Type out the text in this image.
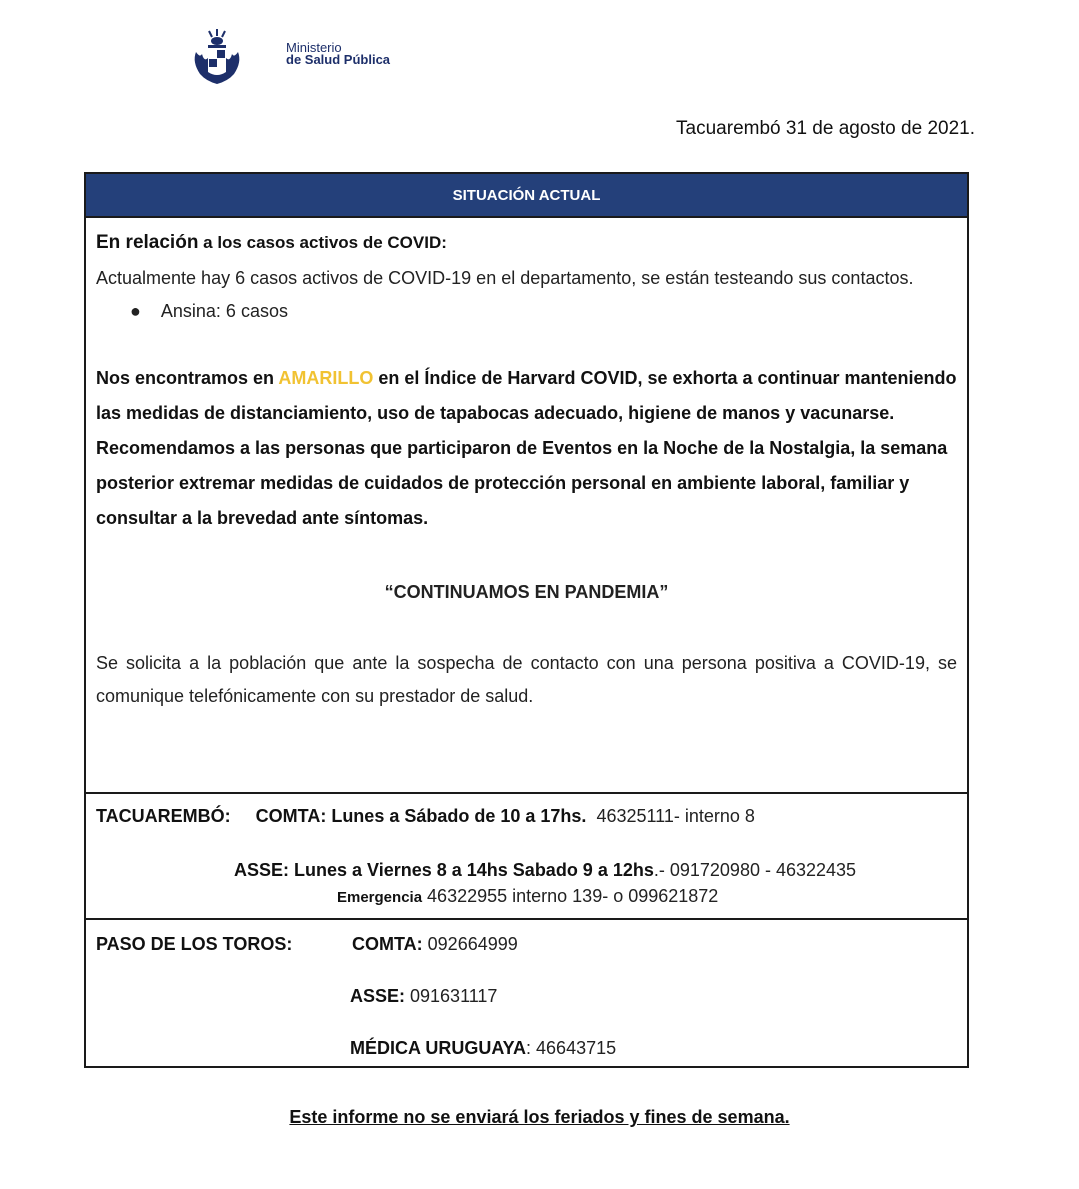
Ministerio
de Salud Pública
Tacuarembó 31 de agosto de 2021.
SITUACIÓN ACTUAL
En relación a los casos activos de COVID:

Actualmente hay 6 casos activos de COVID-19 en el departamento, se están testeando sus contactos.

●    Ansina: 6 casos

Nos encontramos en AMARILLO en el Índice de Harvard COVID, se exhorta a continuar manteniendo las medidas de distanciamiento, uso de tapabocas adecuado, higiene de manos y vacunarse.

Recomendamos a las personas que participaron de Eventos en la Noche de la Nostalgia, la semana posterior extremar medidas de cuidados de protección personal en ambiente laboral, familiar y consultar a la brevedad ante síntomas.

“CONTINUAMOS EN PANDEMIA”

Se solicita a la población que ante la sospecha de contacto con una persona positiva a COVID-19, se comunique telefónicamente con su prestador de salud.

TACUAREMBÓ: COMTA: Lunes a Sábado de 10 a 17hs. 46325111- interno 8
ASSE: Lunes a Viernes 8 a 14hs Sabado 9 a 12hs.- 091720980 - 46322435
Emergencia 46322955 interno 139- o 099621872
PASO DE LOS TOROS:	COMTA: 092664999
ASSE: 091631117
MÉDICA URUGUAYA: 46643715
Este informe no se enviará los feriados y fines de semana.
